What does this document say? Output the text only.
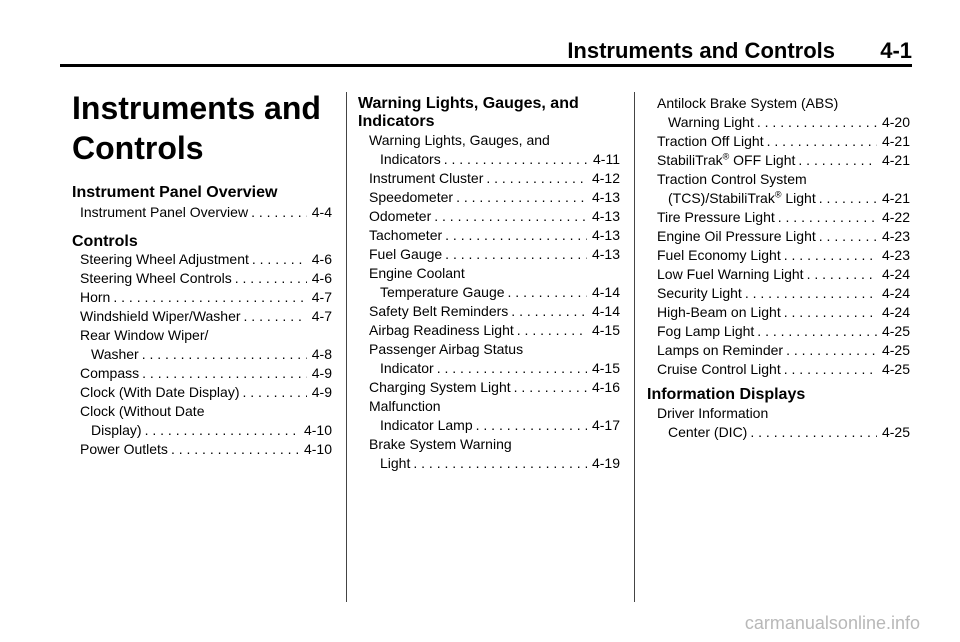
Instruments and Controls 4-1
Instruments and
Controls
Instrument Panel Overview
Instrument Panel Overview . . .	4-4
Controls
Steering Wheel Adjustment . . .	4-6
Steering Wheel Controls . . .	4-6
Horn . . .	4-7
Windshield Wiper/Washer . . .	4-7
Rear Window Wiper/
Washer . . .	4-8
Compass . . .	4-9
Clock (With Date Display) . . .	4-9
Clock (Without Date
Display) . . .	4-10
Power Outlets . . .	4-10
Warning Lights, Gauges, and
Indicators
Warning Lights, Gauges, and
Indicators . . .	4-11
Instrument Cluster . . .	4-12
Speedometer . . .	4-13
Odometer . . .	4-13
Tachometer . . .	4-13
Fuel Gauge . . .	4-13
Engine Coolant
Temperature Gauge . . .	4-14
Safety Belt Reminders . . .	4-14
Airbag Readiness Light . . .	4-15
Passenger Airbag Status
Indicator . . .	4-15
Charging System Light . . .	4-16
Malfunction
Indicator Lamp . . .	4-17
Brake System Warning
Light . . .	4-19
Antilock Brake System (ABS)
Warning Light . . .	4-20
Traction Off Light . . .	4-21
StabiliTrak® OFF Light . . .	4-21
Traction Control System
(TCS)/StabiliTrak® Light . . .	4-21
Tire Pressure Light . . .	4-22
Engine Oil Pressure Light . . .	4-23
Fuel Economy Light . . .	4-23
Low Fuel Warning Light . . .	4-24
Security Light . . .	4-24
High-Beam on Light . . .	4-24
Fog Lamp Light . . .	4-25
Lamps on Reminder . . .	4-25
Cruise Control Light . . .	4-25
Information Displays
Driver Information
Center (DIC) . . .	4-25
carmanualsonline.info
